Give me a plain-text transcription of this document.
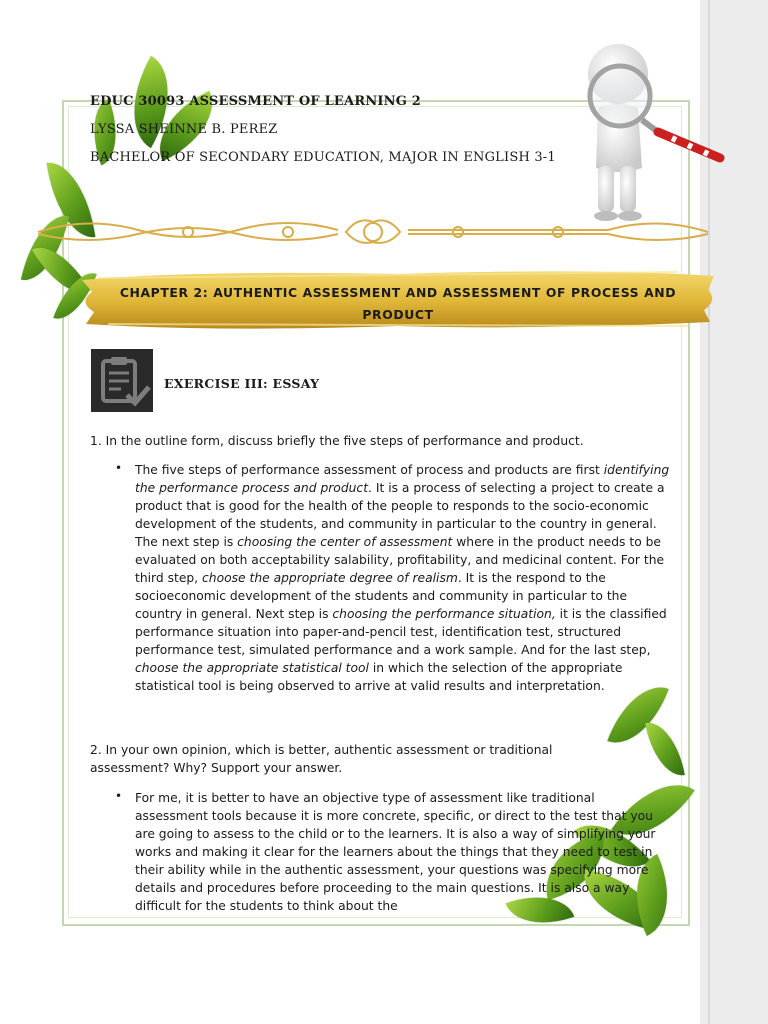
EDUC 30093 ASSESSMENT OF LEARNING 2
LYSSA SHEINNE B. PEREZ
BACHELOR OF SECONDARY EDUCATION, MAJOR IN ENGLISH 3-1
CHAPTER 2: AUTHENTIC ASSESSMENT AND ASSESSMENT OF PROCESS AND
PRODUCT
EXERCISE III: ESSAY
1. In the outline form, discuss briefly the five steps of performance and product.
• The five steps of performance assessment of process and products are first identifying the performance process and product. It is a process of selecting a project to create a product that is good for the health of the people to responds to the socio-economic development of the students, and community in particular to the country in general. The next step is choosing the center of assessment where in the product needs to be evaluated on both acceptability salability, profitability, and medicinal content. For the third step, choose the appropriate degree of realism. It is the respond to the socioeconomic development of the students and community in particular to the country in general. Next step is choosing the performance situation, it is the classified performance situation into paper-and-pencil test, identification test, structured performance test, simulated performance and a work sample. And for the last step, choose the appropriate statistical tool in which the selection of the appropriate statistical tool is being observed to arrive at valid results and interpretation.
2. In your own opinion, which is better, authentic assessment or traditional assessment? Why? Support your answer.
• For me, it is better to have an objective type of assessment like traditional assessment tools because it is more concrete, specific, or direct to the test that you are going to assess to the child or to the learners. It is also a way of simplifying your works and making it clear for the learners about the things that they need to test in their ability while in the authentic assessment, your questions was specifying more details and procedures before proceeding to the main questions. It is also a way difficult for the students to think about the
